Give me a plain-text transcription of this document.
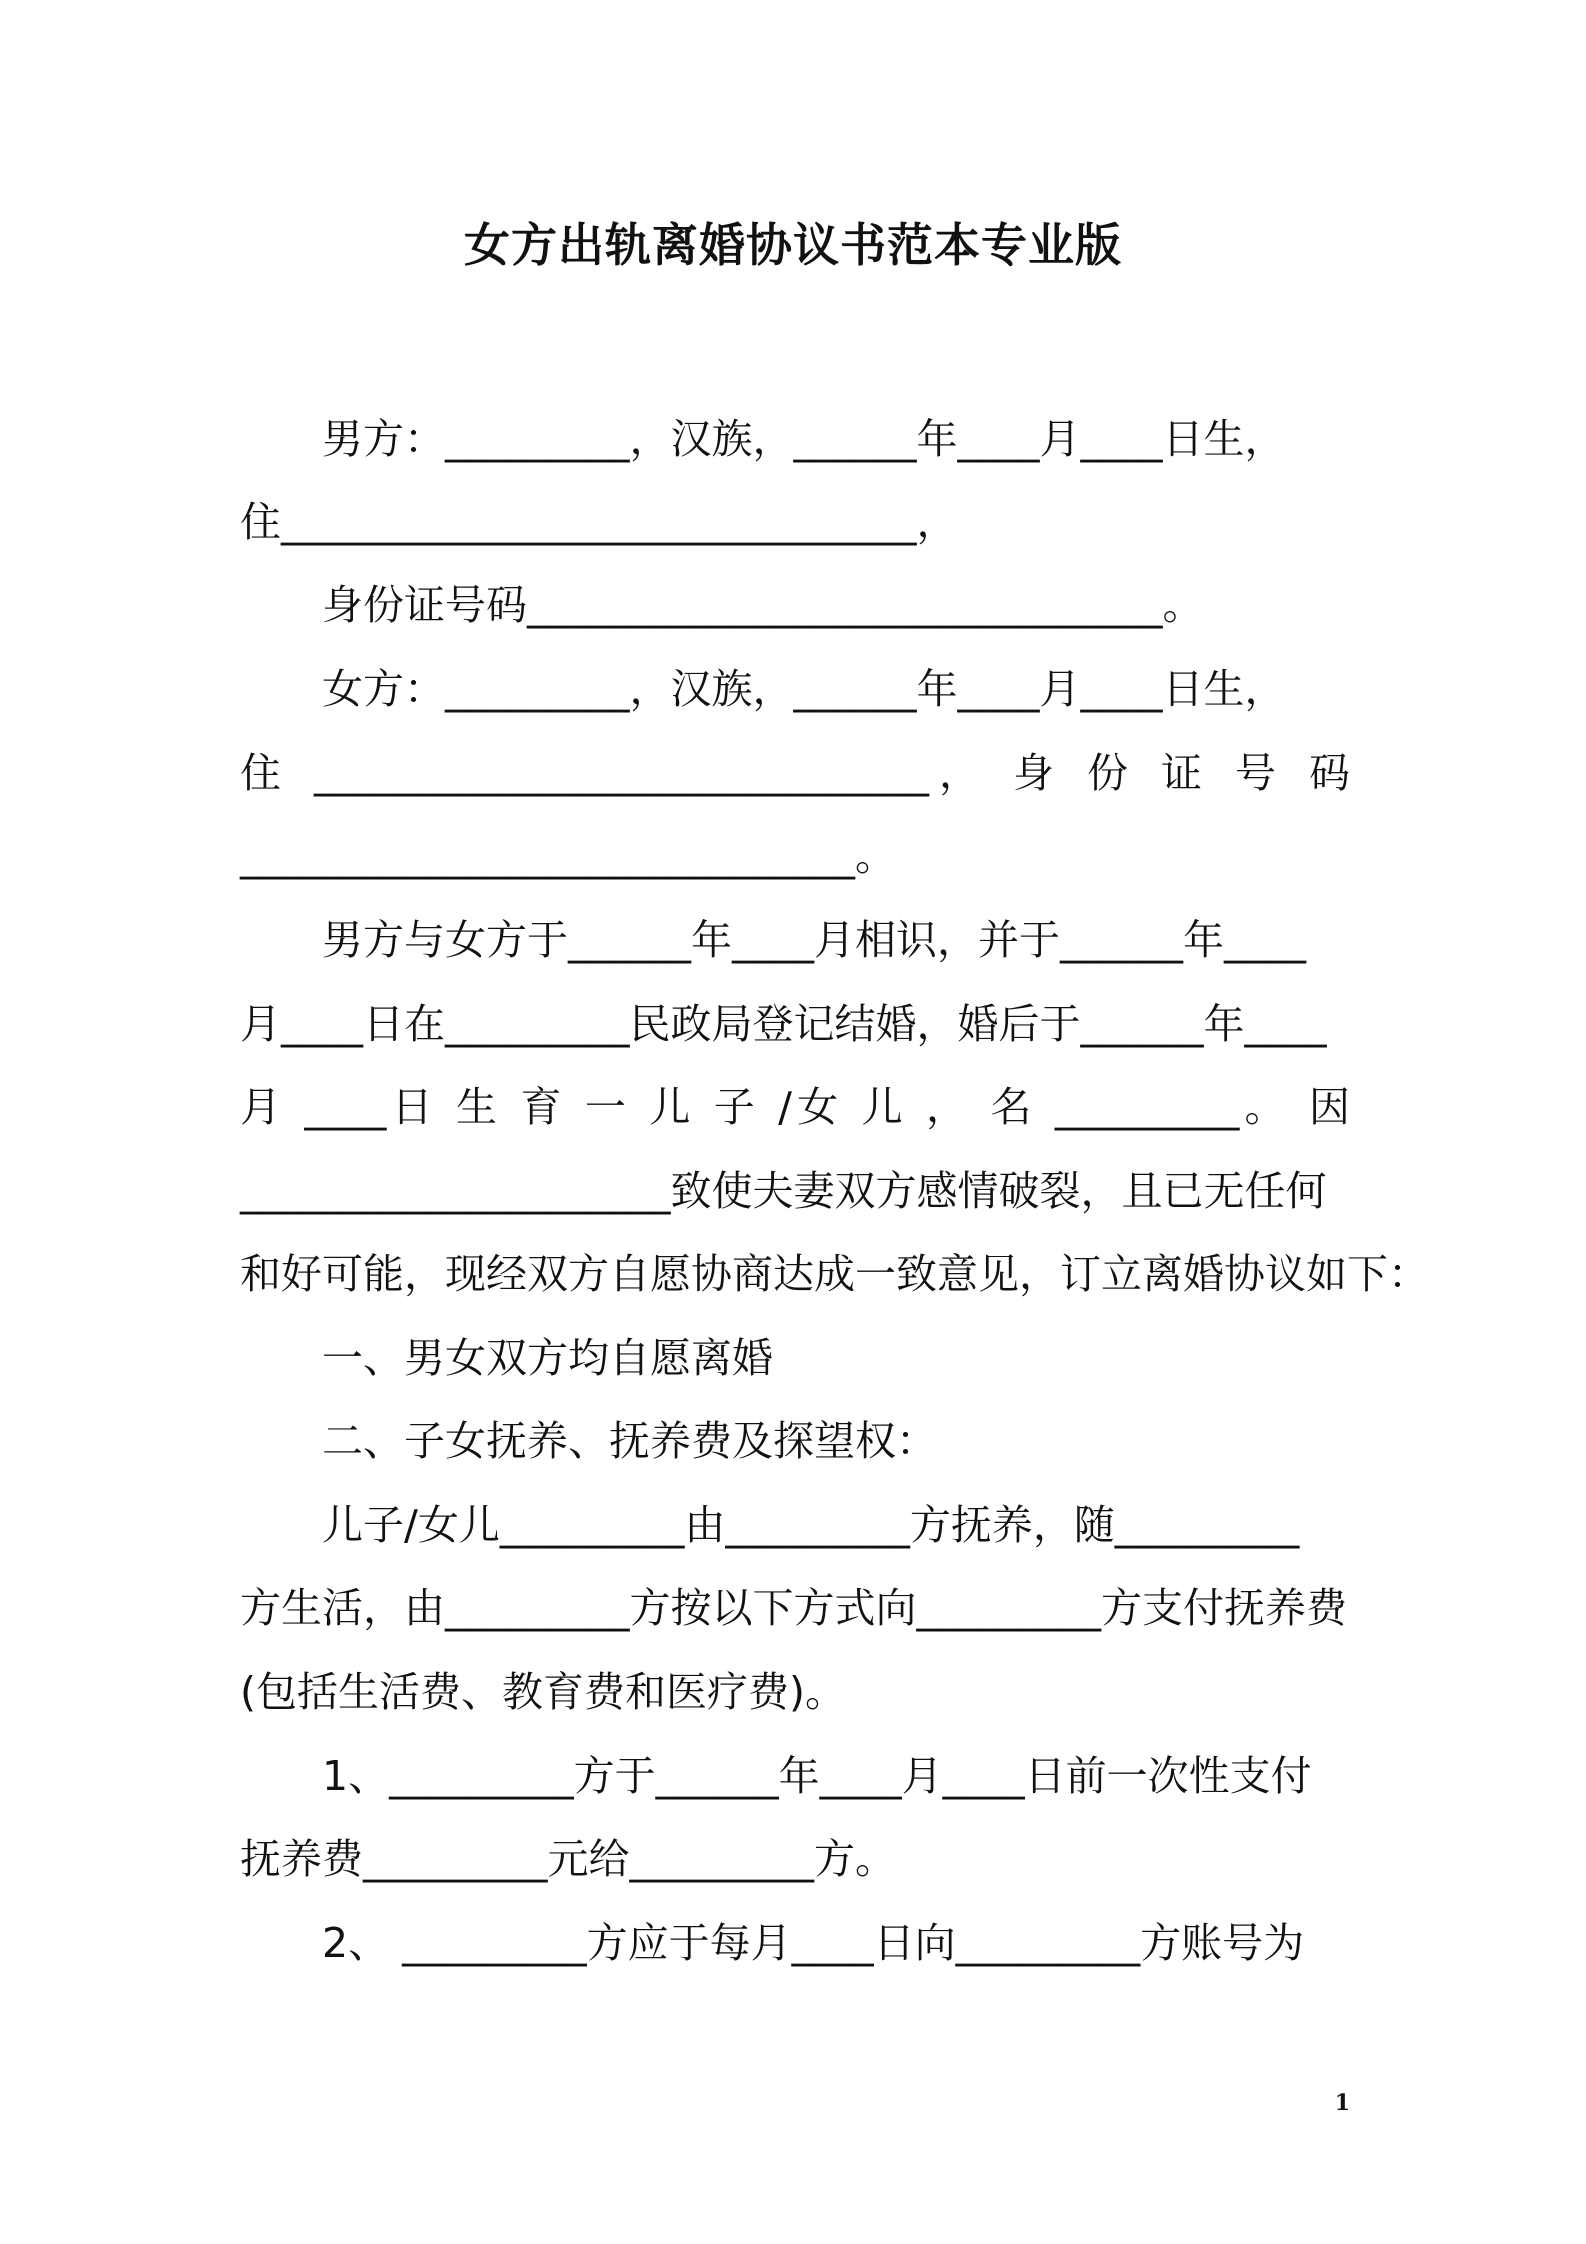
女方出轨离婚协议书范本专业版
男方：_________，汉族，______年____月____日生，
住_______________________________，
身份证号码_______________________________。
女方：_________，汉族，______年____月____日生，
住 ______________________________， 身 份 证 号 码
______________________________。
男方与女方于______年____月相识，并于______年____
月____日在_________民政局登记结婚，婚后于______年____
月 ____日 生 育 一 儿 子 /女 儿 ， 名 _________。 因
_____________________致使夫妻双方感情破裂，且已无任何
和好可能，现经双方自愿协商达成一致意见，订立离婚协议如下：
一、男女双方均自愿离婚
二、子女抚养、抚养费及探望权：
儿子/女儿_________由_________方抚养，随_________
方生活，由_________方按以下方式向_________方支付抚养费
(包括生活费、教育费和医疗费)。
1、_________方于______年____月____日前一次性支付
抚养费_________元给_________方。
2、 _________方应于每月____日向_________方账号为
1
